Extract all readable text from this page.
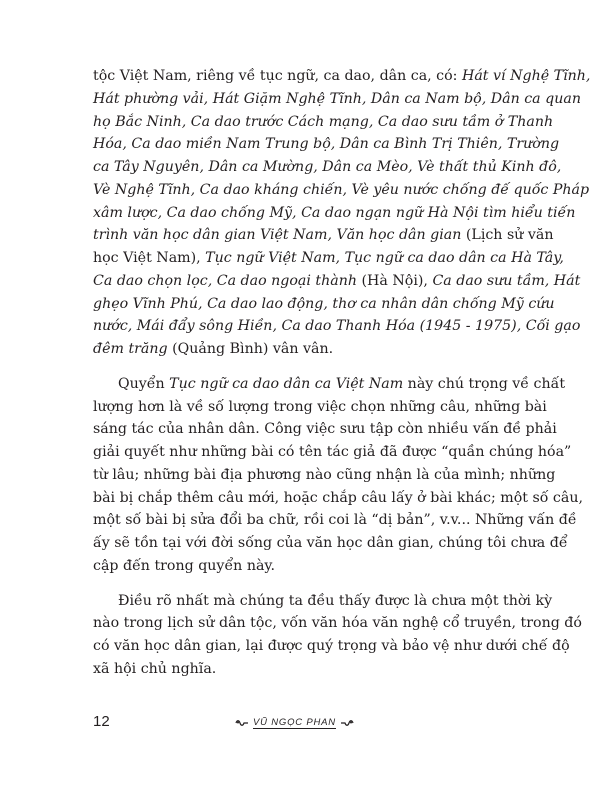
tộc Việt Nam, riêng về tục ngữ, ca dao, dân ca, có: Hát ví Nghệ Tĩnh,
Hát phường vải, Hát Giặm Nghệ Tĩnh, Dân ca Nam bộ, Dân ca quan
họ Bắc Ninh, Ca dao trước Cách mạng, Ca dao sưu tầm ở Thanh
Hóa, Ca dao miền Nam Trung bộ, Dân ca Bình Trị Thiên, Trường
ca Tây Nguyên, Dân ca Mường, Dân ca Mèo, Vè thất thủ Kinh đô,
Vè Nghệ Tĩnh, Ca dao kháng chiến, Vè yêu nước chống đế quốc Pháp
xâm lược, Ca dao chống Mỹ, Ca dao ngạn ngữ Hà Nội tìm hiểu tiến
trình văn học dân gian Việt Nam, Văn học dân gian (Lịch sử văn
học Việt Nam), Tục ngữ Việt Nam, Tục ngữ ca dao dân ca Hà Tây,
Ca dao chọn lọc, Ca dao ngoại thành (Hà Nội), Ca dao sưu tầm, Hát
ghẹo Vĩnh Phú, Ca dao lao động, thơ ca nhân dân chống Mỹ cứu
nước, Mái đẩy sông Hiền, Ca dao Thanh Hóa (1945 - 1975), Cối gạo
đêm trăng (Quảng Bình) vân vân.

Quyển Tục ngữ ca dao dân ca Việt Nam này chú trọng về chất
lượng hơn là về số lượng trong việc chọn những câu, những bài
sáng tác của nhân dân. Công việc sưu tập còn nhiều vấn đề phải
giải quyết như những bài có tên tác giả đã được “quần chúng hóa”
từ lâu; những bài địa phương nào cũng nhận là của mình; những
bài bị chắp thêm câu mới, hoặc chắp câu lấy ở bài khác; một số câu,
một số bài bị sửa đổi ba chữ, rồi coi là “dị bản”, v.v... Những vấn đề
ấy sẽ tồn tại với đời sống của văn học dân gian, chúng tôi chưa để
cập đến trong quyển này.

Điều rõ nhất mà chúng ta đều thấy được là chưa một thời kỳ
nào trong lịch sử dân tộc, vốn văn hóa văn nghệ cổ truyền, trong đó
có văn học dân gian, lại được quý trọng và bảo vệ như dưới chế độ
xã hội chủ nghĩa.

12	VŨ NGỌC PHAN
